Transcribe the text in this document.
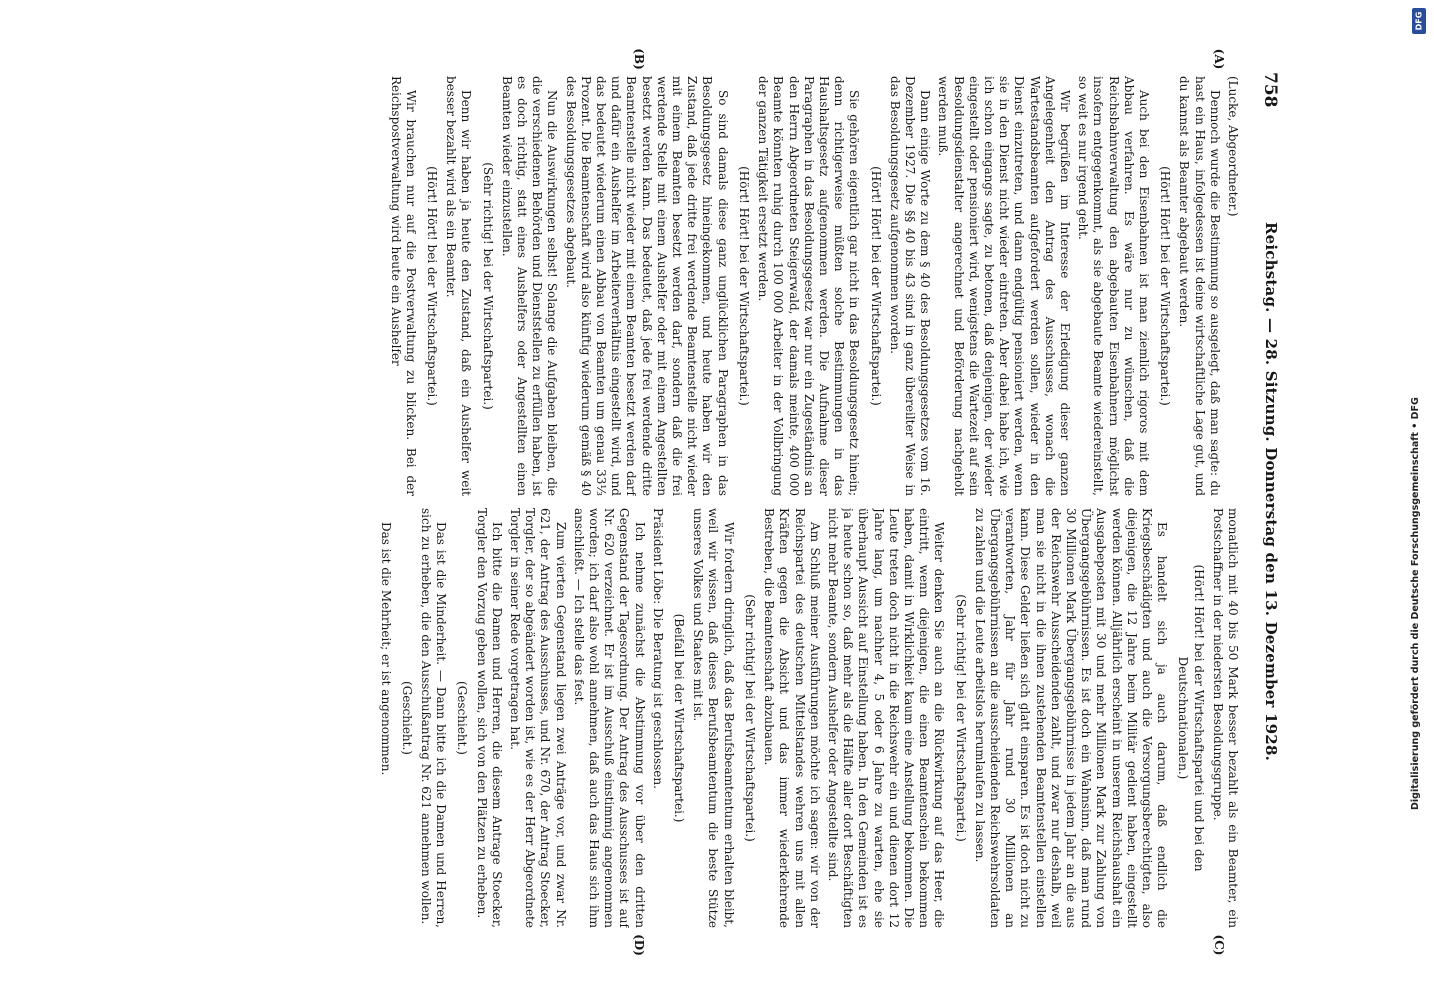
758
Reichstag. — 28. Sitzung. Donnerstag den 13. Dezember 1928.
(A)
(B)
(C)
(D)

(Lucke, Abgeordneter.)

Dennoch wurde die Bestimmung so ausgelegt, daß man sagte: du hast ein Haus, infolgedessen ist deine wirtschaftliche Lage gut, und du kannst als Beamter abgebaut werden.

(Hört! Hört! bei der Wirtschaftspartei.)

Auch bei den Eisenbahnen ist man ziemlich rigoros mit dem Abbau verfahren. Es wäre nur zu wünschen, daß die Reichsbahnverwaltung den abgebauten Eisenbahnern möglichst insofern entgegenkommt, als sie abgebaute Beamte wiedereinstellt, so weit es nur irgend geht.

Wir begrüßen im Interesse der Erledigung dieser ganzen Angelegenheit den Antrag des Ausschusses, wonach die Wartestandsbeamten aufgefordert werden sollen, wieder in den Dienst einzutreten, und dann endgültig pensioniert werden, wenn sie in den Dienst nicht wieder eintreten. Aber dabei habe ich, wie ich schon eingangs sagte, zu betonen, daß denjenigen, der wieder eingestellt oder pensioniert wird, wenigstens die Wartezeit auf sein Besoldungsdienstalter angerechnet und Beförderung nachgeholt werden muß.

Dann einige Worte zu dem § 40 des Besoldungsgesetzes vom 16. Dezember 1927. Die §§ 40 bis 43 sind in ganz übereilter Weise in das Besoldungsgesetz aufgenommen worden.

(Hört! Hört! bei der Wirtschaftspartei.)

Sie gehören eigentlich gar nicht in das Besoldungsgesetz hinein; denn richtigerweise müßten solche Bestimmungen in das Haushaltsgesetz aufgenommen werden. Die Aufnahme dieser Paragraphen in das Besoldungsgesetz war nur ein Zugeständnis an den Herrn Abgeordneten Steigerwald, der damals meinte, 400 000 Beamte könnten ruhig durch 100 000 Arbeiter in der Vollbringung der ganzen Tätigkeit ersetzt werden.

(Hört! Hört! bei der Wirtschaftspartei.)

So sind damals diese ganz unglücklichen Paragraphen in das Besoldungsgesetz hineingekommen, und heute haben wir den Zustand, daß jede dritte frei werdende Beamtenstelle nicht wieder mit einem Beamten besetzt werden darf, sondern daß die frei werdende Stelle mit einem Aushelfer oder mit einem Angestellten besetzt werden kann. Das bedeutet, daß jede frei werdende dritte Beamtenstelle nicht wieder mit einem Beamten besetzt werden darf und dafür ein Aushelfer im Arbeiterverhältnis eingestellt wird, und das bedeutet wiederum einen Abbau von Beamten um genau 33⅓ Prozent. Die Beamtenschaft wird also künftig wiederum gemäß § 40 des Besoldungsgesetzes abgebaut.

Nun die Auswirkungen selbst! Solange die Aufgaben bleiben, die die verschiedenen Behörden und Dienststellen zu erfüllen haben, ist es doch richtig, statt eines Aushelfers oder Angestellten einen Beamten wieder einzustellen.

(Sehr richtig! bei der Wirtschaftspartei.)

Denn wir haben ja heute den Zustand, daß ein Aushelfer weit besser bezahlt wird als ein Beamter.

(Hört! Hört! bei der Wirtschaftspartei.)

Wir brauchen nur auf die Postverwaltung zu blicken. Bei der Reichspostverwaltung wird heute ein Aushelfer

monatlich mit 40 bis 50 Mark besser bezahlt als ein Beamter, ein Postschaffner in der niedersten Besoldungsgruppe.

(Hört! Hört! bei der Wirtschaftspartei und bei den Deutschnationalen.)

Es handelt sich ja auch darum, daß endlich die Kriegsbeschädigten und auch die Versorgungsberechtigten, also diejenigen, die 12 Jahre beim Militär gedient haben, eingestellt werden können. Alljährlich erscheint in unserem Reichshaushalt ein Ausgabeposten mit 30 und mehr Millionen Mark zur Zahlung von Übergangsgebührnissen. Es ist doch ein Wahnsinn, daß man rund 30 Millionen Mark Übergangsgebührnisse in jedem Jahr an die aus der Reichswehr Ausscheidenden zahlt, und zwar nur deshalb, weil man sie nicht in die ihnen zustehenden Beamtenstellen einstellen kann. Diese Gelder ließen sich glatt einsparen. Es ist doch nicht zu verantworten, Jahr für Jahr rund 30 Millionen an Übergangsgebührnissen an die ausscheidenden Reichswehrsoldaten zu zahlen und die Leute arbeitslos herumlaufen zu lassen.

(Sehr richtig! bei der Wirtschaftspartei.)

Weiter denken Sie auch an die Rückwirkung auf das Heer, die eintritt, wenn diejenigen, die einen Beamtenschein bekommen haben, damit in Wirklichkeit kaum eine Anstellung bekommen. Die Leute treten doch nicht in die Reichswehr ein und dienen dort 12 Jahre lang, um nachher 4, 5 oder 6 Jahre zu warten, ehe sie überhaupt Aussicht auf Einstellung haben. In den Gemeinden ist es ja heute schon so, daß mehr als die Hälfte aller dort Beschäftigten nicht mehr Beamte, sondern Aushelfer oder Angestellte sind.

Am Schluß meiner Ausführungen möchte ich sagen: wir von der Reichspartei des deutschen Mittelstandes wehren uns mit allen Kräften gegen die Absicht und das immer wiederkehrende Bestreben, die Beamtenschaft abzubauen.

(Sehr richtig! bei der Wirtschaftspartei.)

Wir fordern dringlich, daß das Berufsbeamtentum erhalten bleibt, weil wir wissen, daß dieses Berufsbeamtentum die beste Stütze unseres Volkes und Staates mit ist.

(Beifall bei der Wirtschaftspartei.)

Präsident Löbe: Die Beratung ist geschlossen.

Ich nehme zunächst die Abstimmung vor über den dritten Gegenstand der Tagesordnung. Der Antrag des Ausschusses ist auf Nr. 620 verzeichnet. Er ist im Ausschuß einstimmig angenommen worden; ich darf also wohl annehmen, daß auch das Haus sich ihm anschließt. — Ich stelle das fest.

Zum vierten Gegenstand liegen zwei Anträge vor, und zwar Nr. 621, der Antrag des Ausschusses, und Nr. 670, der Antrag Stoecker, Torgler, der so abgeändert worden ist, wie es der Herr Abgeordnete Torgler in seiner Rede vorgetragen hat.

Ich bitte die Damen und Herren, die diesem Antrage Stoecker, Torgler den Vorzug geben wollen, sich von den Plätzen zu erheben.

(Geschieht.)

Das ist die Minderheit. — Dann bitte ich die Damen und Herren, sich zu erheben, die den Ausschußantrag Nr. 621 annehmen wollen.

(Geschieht.)

Das ist die Mehrheit; er ist angenommen.	Digitalisierung gefördert durch die Deutsche Forschungsgemeinschaft • DFG
DFG
